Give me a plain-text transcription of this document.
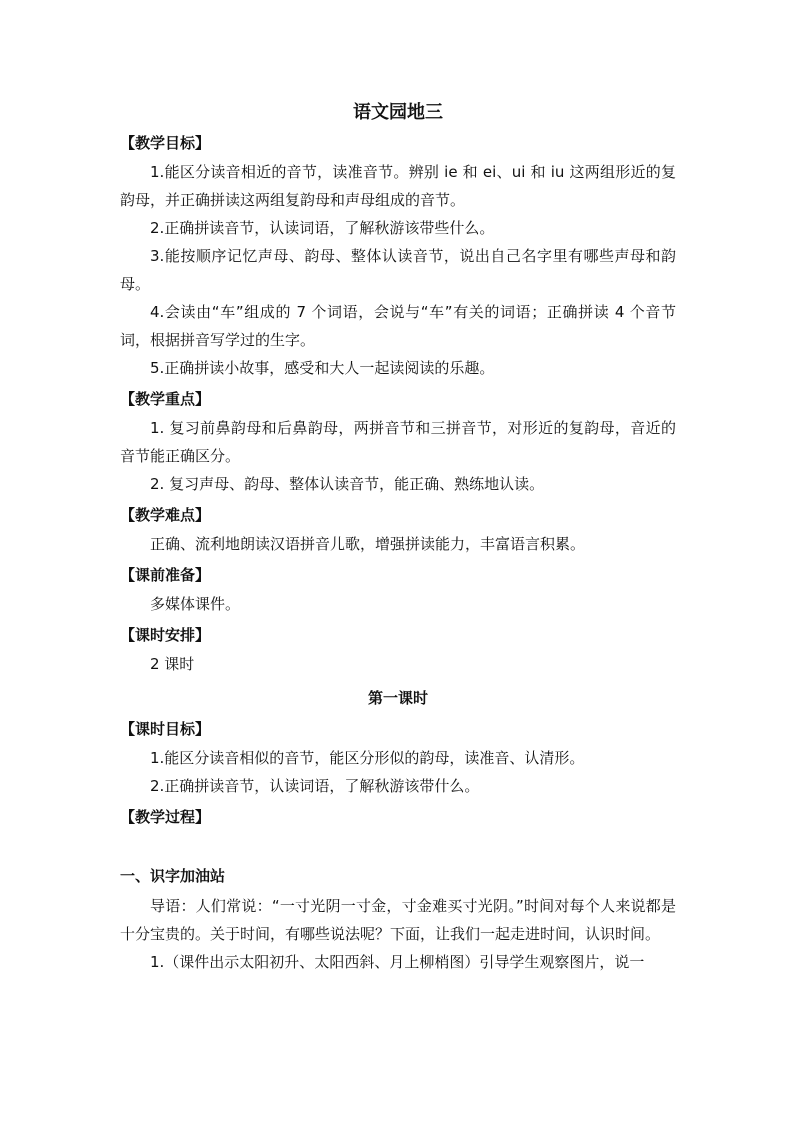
语文园地三
【教学目标】

1.能区分读音相近的音节，读准音节。辨别 ie 和 ei、ui 和 iu 这两组形近的复韵母，并正确拼读这两组复韵母和声母组成的音节。

2.正确拼读音节，认读词语，了解秋游该带些什么。

3.能按顺序记忆声母、韵母、整体认读音节，说出自己名字里有哪些声母和韵母。

4.会读由“车”组成的 7 个词语，会说与“车”有关的词语；正确拼读 4 个音节词，根据拼音写学过的生字。

5.正确拼读小故事，感受和大人一起读阅读的乐趣。

【教学重点】

1. 复习前鼻韵母和后鼻韵母，两拼音节和三拼音节，对形近的复韵母，音近的音节能正确区分。

2. 复习声母、韵母、整体认读音节，能正确、熟练地认读。

【教学难点】

正确、流利地朗读汉语拼音儿歌，增强拼读能力，丰富语言积累。

【课前准备】

多媒体课件。

【课时安排】

2 课时

第一课时
【课时目标】

1.能区分读音相似的音节，能区分形似的韵母，读准音、认清形。

2.正确拼读音节，认读词语，了解秋游该带什么。

【教学过程】
一、识字加油站

导语：人们常说：“一寸光阴一寸金，寸金难买寸光阴。”时间对每个人来说都是十分宝贵的。关于时间，有哪些说法呢？下面，让我们一起走进时间，认识时间。

1.（课件出示太阳初升、太阳西斜、月上柳梢图）引导学生观察图片，说一
